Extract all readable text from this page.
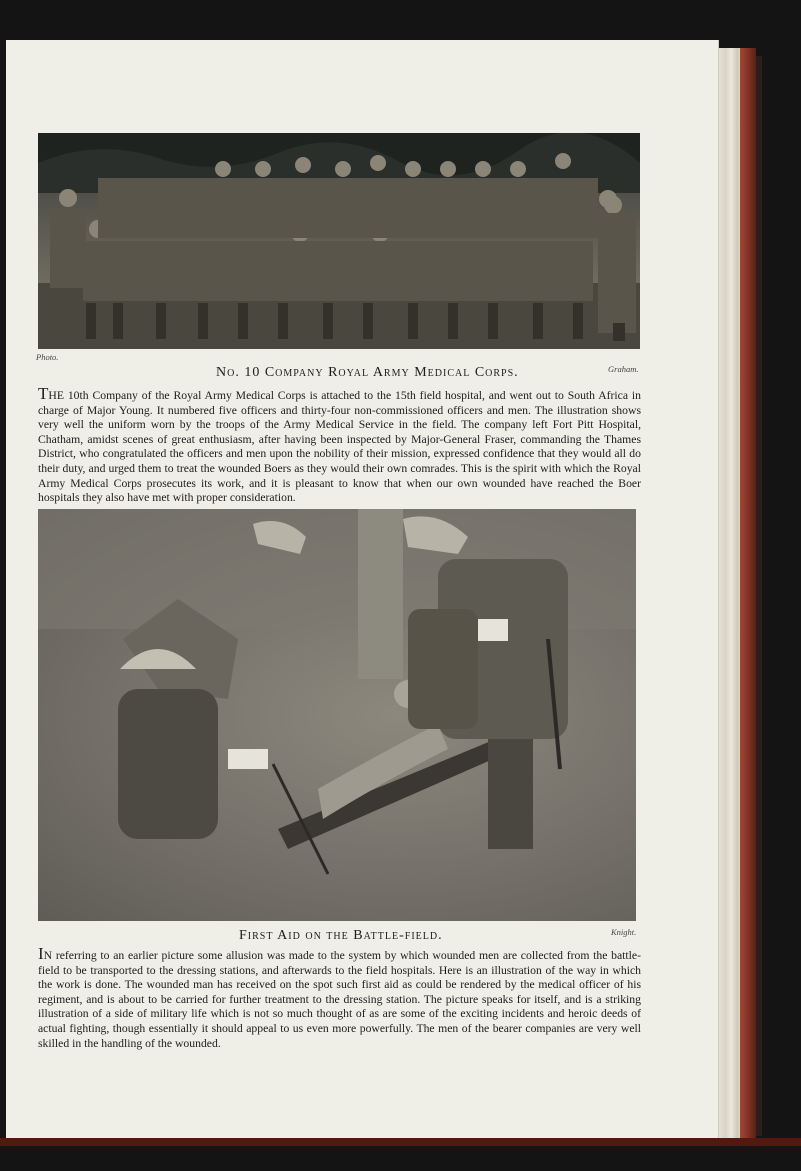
Photo.
Graham.
No. 10 Company Royal Army Medical Corps.

THE 10th Company of the Royal Army Medical Corps is attached to the 15th field hospital, and went out to South Africa in charge of Major Young. It numbered five officers and thirty-four non-commissioned officers and men. The illustration shows very well the uniform worn by the troops of the Army Medical Service in the field. The company left Fort Pitt Hospital, Chatham, amidst scenes of great enthusiasm, after having been inspected by Major-General Fraser, commanding the Thames District, who congratulated the officers and men upon the nobility of their mission, expressed confidence that they would all do their duty, and urged them to treat the wounded Boers as they would their own comrades. This is the spirit with which the Royal Army Medical Corps prosecutes its work, and it is pleasant to know that when our own wounded have reached the Boer hospitals they also have met with proper consideration.

First Aid on the Battle-field.	Knight.

IN referring to an earlier picture some allusion was made to the system by which wounded men are collected from the battle-field to be transported to the dressing stations, and afterwards to the field hospitals. Here is an illustration of the way in which the work is done. The wounded man has received on the spot such first aid as could be rendered by the medical officer of his regiment, and is about to be carried for further treatment to the dressing station. The picture speaks for itself, and is a striking illustration of a side of military life which is not so much thought of as are some of the exciting incidents and heroic deeds of actual fighting, though essentially it should appeal to us even more powerfully. The men of the bearer companies are very well skilled in the handling of the wounded.
